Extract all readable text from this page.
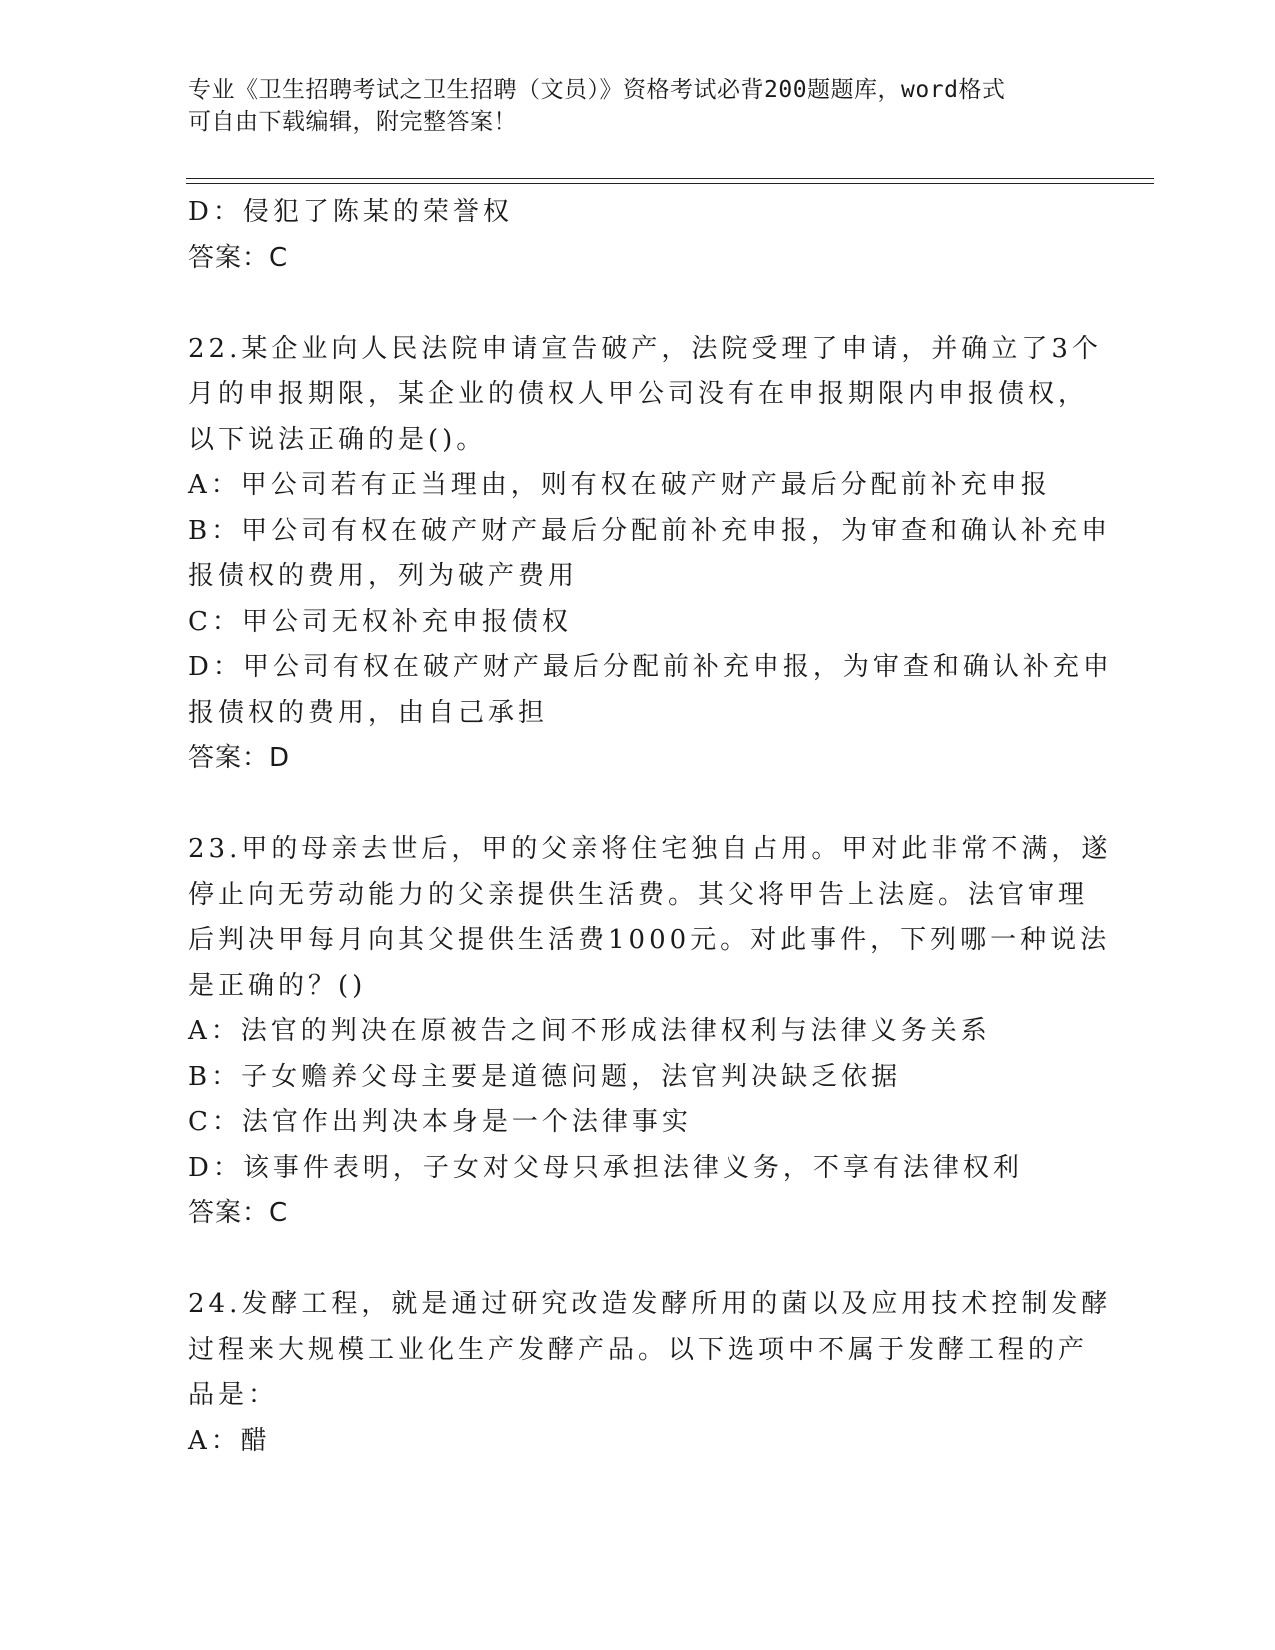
专业《卫生招聘考试之卫生招聘（文员）》资格考试必背200题题库，word格式
可自由下载编辑，附完整答案！
D：侵犯了陈某的荣誉权
答案：C
22.某企业向人民法院申请宣告破产，法院受理了申请，并确立了3个
月的申报期限，某企业的债权人甲公司没有在申报期限内申报债权，
以下说法正确的是()。
A：甲公司若有正当理由，则有权在破产财产最后分配前补充申报
B：甲公司有权在破产财产最后分配前补充申报，为审查和确认补充申
报债权的费用，列为破产费用
C：甲公司无权补充申报债权
D：甲公司有权在破产财产最后分配前补充申报，为审查和确认补充申
报债权的费用，由自己承担
答案：D
23.甲的母亲去世后，甲的父亲将住宅独自占用。甲对此非常不满，遂
停止向无劳动能力的父亲提供生活费。其父将甲告上法庭。法官审理
后判决甲每月向其父提供生活费1000元。对此事件，下列哪一种说法
是正确的？()
A：法官的判决在原被告之间不形成法律权利与法律义务关系
B：子女赡养父母主要是道德问题，法官判决缺乏依据
C：法官作出判决本身是一个法律事实
D：该事件表明，子女对父母只承担法律义务，不享有法律权利
答案：C
24.发酵工程，就是通过研究改造发酵所用的菌以及应用技术控制发酵
过程来大规模工业化生产发酵产品。以下选项中不属于发酵工程的产
品是：
A：醋
